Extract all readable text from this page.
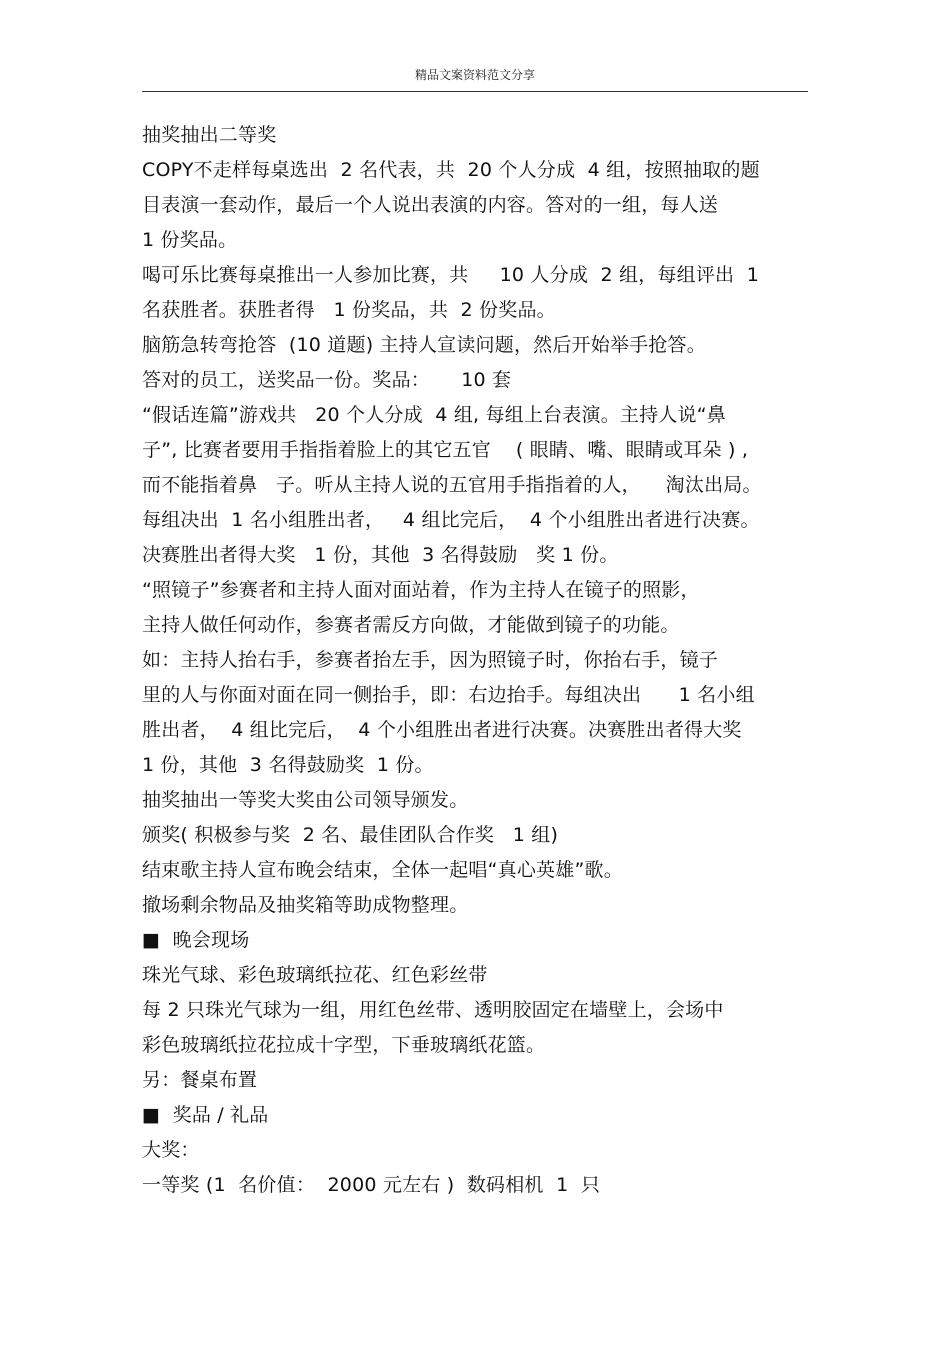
精品文案资料范文分享
抽奖抽出二等奖
COPY不走样每桌选出  2 名代表，共  20 个人分成  4 组，按照抽取的题
目表演一套动作，最后一个人说出表演的内容。答对的一组，每人送
1 份奖品。
喝可乐比赛每桌推出一人参加比赛，共     10 人分成  2 组，每组评出  1
名获胜者。获胜者得   1 份奖品，共  2 份奖品。
脑筋急转弯抢答  (10 道题) 主持人宣读问题，然后开始举手抢答。
答对的员工，送奖品一份。奖品：     10 套
“假话连篇”游戏共   20 个人分成  4 组, 每组上台表演。主持人说“鼻
子”, 比赛者要用手指指着脸上的其它五官    ( 眼睛、嘴、眼睛或耳朵 ) ,
而不能指着鼻   子。听从主持人说的五官用手指指着的人，    淘汰出局。
每组决出  1 名小组胜出者，   4 组比完后，  4 个小组胜出者进行决赛。
决赛胜出者得大奖   1 份，其他  3 名得鼓励   奖 1 份。
“照镜子”参赛者和主持人面对面站着，作为主持人在镜子的照影，
主持人做任何动作，参赛者需反方向做，才能做到镜子的功能。
如：主持人抬右手，参赛者抬左手，因为照镜子时，你抬右手，镜子
里的人与你面对面在同一侧抬手，即：右边抬手。每组决出      1 名小组
胜出者，  4 组比完后，  4 个小组胜出者进行决赛。决赛胜出者得大奖
1 份，其他  3 名得鼓励奖  1 份。
抽奖抽出一等奖大奖由公司领导颁发。
颁奖( 积极参与奖  2 名、最佳团队合作奖   1 组)
结束歌主持人宣布晚会结束，全体一起唱“真心英雄”歌。
撤场剩余物品及抽奖箱等助成物整理。
■  晚会现场
珠光气球、彩色玻璃纸拉花、红色彩丝带
每 2 只珠光气球为一组，用红色丝带、透明胶固定在墙壁上，会场中
彩色玻璃纸拉花拉成十字型，下垂玻璃纸花篮。
另：餐桌布置
■  奖品 / 礼品
大奖：
一等奖 (1  名价值：  2000 元左右 )  数码相机  1  只
